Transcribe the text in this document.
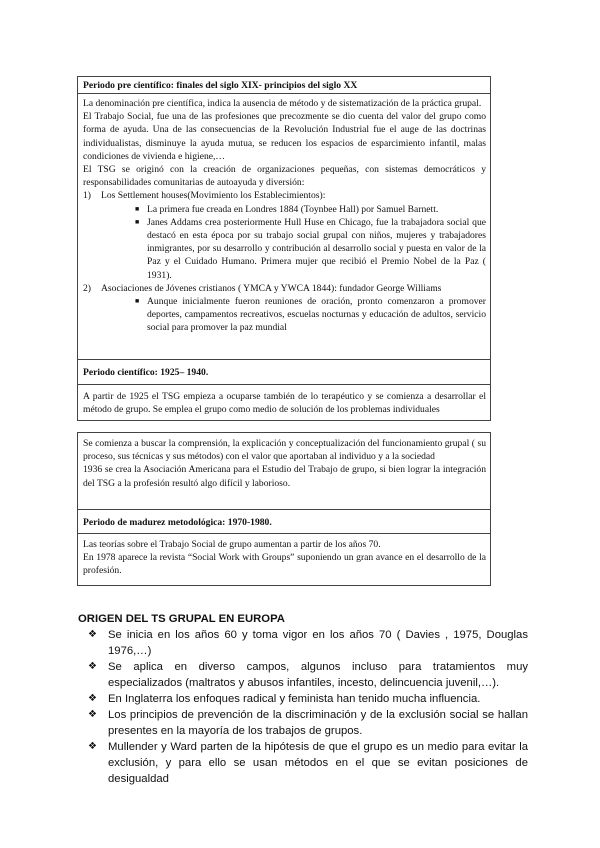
Periodo pre científico: finales del siglo XIX- principios del siglo XX

La denominación pre científica, indica la ausencia de método y de sistematización de la práctica grupal.

El Trabajo Social, fue una de las profesiones que precozmente se dio cuenta del valor del grupo como forma de ayuda. Una de las consecuencias de la Revolución Industrial fue el auge de las doctrinas individualistas, disminuye la ayuda mutua, se reducen los espacios de esparcimiento infantil, malas condiciones de vivienda e higiene,…

El TSG se originó con la creación de organizaciones pequeñas, con sistemas democráticos y responsabilidades comunitarias de autoayuda y diversión:

1) Los Settlement houses(Movimiento los Establecimientos):

■ La primera fue creada en Londres 1884 (Toynbee Hall) por Samuel Barnett.

■ Janes Addams crea posteriormente Hull Huse en Chicago, fue la trabajadora social que destacó en esta época por su trabajo social grupal con niños, mujeres y trabajadores inmigrantes, por su desarrollo y contribución al desarrollo social y puesta en valor de la Paz y el Cuidado Humano. Primera mujer que recibió el Premio Nobel de la Paz ( 1931).

2) Asociaciones de Jóvenes cristianos ( YMCA y YWCA 1844): fundador George Williams

■ Aunque inicialmente fueron reuniones de oración, pronto comenzaron a promover deportes, campamentos recreativos, escuelas nocturnas y educación de adultos, servicio social para promover la paz mundial

Periodo científico: 1925– 1940.

A partir de 1925 el TSG empieza a ocuparse también de lo terapéutico y se comienza a desarrollar el método de grupo. Se emplea el grupo como medio de solución de los problemas individuales

Se comienza a buscar la comprensión, la explicación y conceptualización del funcionamiento grupal ( su proceso, sus técnicas y sus métodos) con el valor que aportaban al individuo y a la sociedad

1936 se crea la Asociación Americana para el Estudio del Trabajo de grupo, si bien lograr la integración del TSG a la profesión resultó algo difícil y laborioso.

Periodo de madurez metodológica: 1970-1980.

Las teorías sobre el Trabajo Social de grupo aumentan a partir de los años 70.

En 1978 aparece la revista “Social Work with Groups” suponiendo un gran avance en el desarrollo de la profesión.

ORIGEN DEL TS GRUPAL EN EUROPA
❖ Se inicia en los años 60 y toma vigor en los años 70 ( Davies , 1975, Douglas 1976,…)
❖ Se aplica en diverso campos, algunos incluso para tratamientos muy especializados (maltratos y abusos infantiles, incesto, delincuencia juvenil,…).
❖ En Inglaterra los enfoques radical y feminista han tenido mucha influencia.
❖ Los principios de prevención de la discriminación y de la exclusión social se hallan presentes en la mayoría de los trabajos de grupos.
❖ Mullender y Ward parten de la hipótesis de que el grupo es un medio para evitar la exclusión, y para ello se usan métodos en el que se evitan posiciones de desigualdad
